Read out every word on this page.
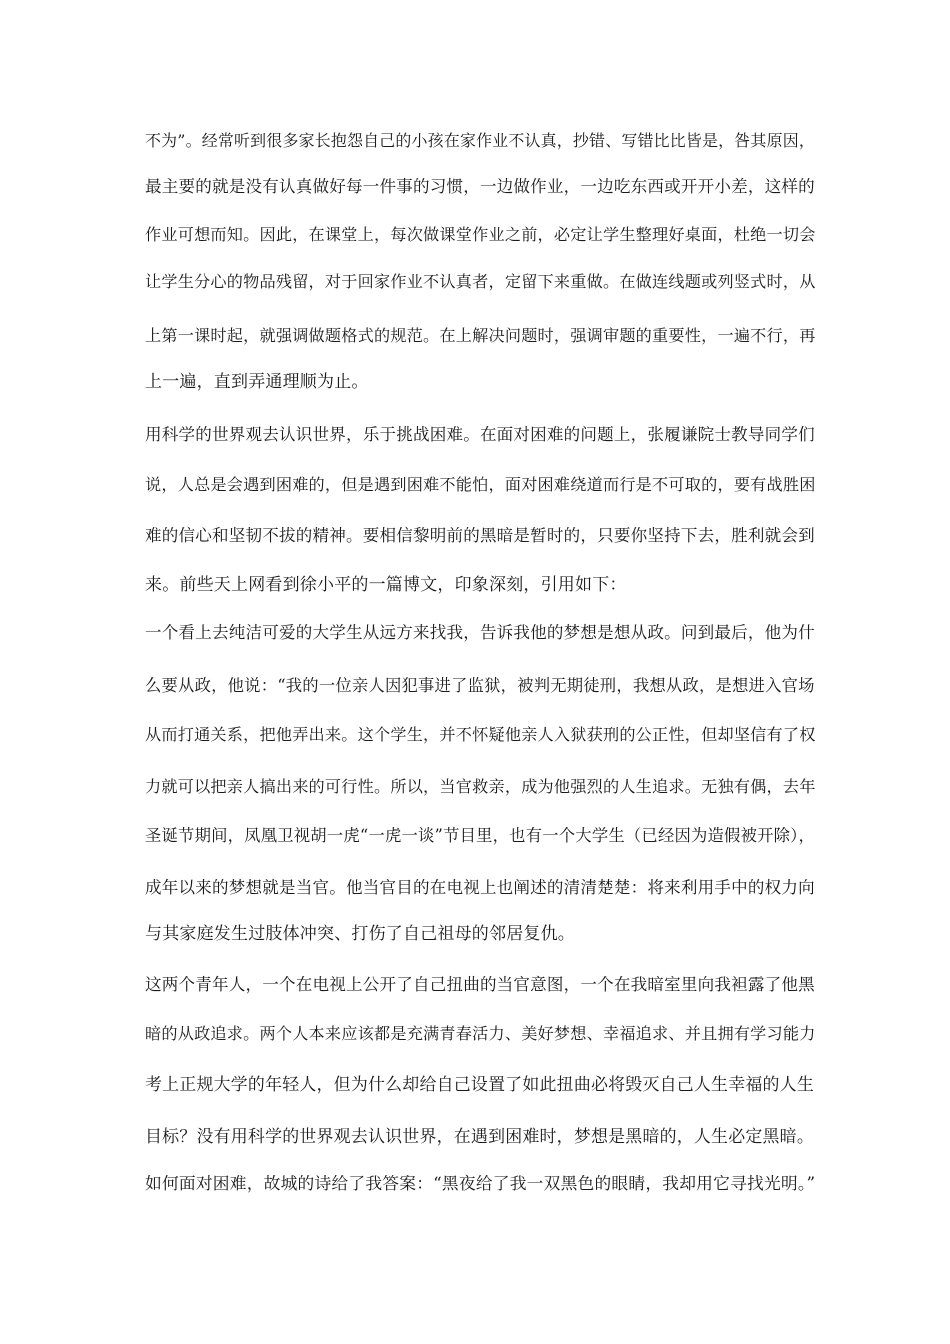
不为”。经常听到很多家长抱怨自己的小孩在家作业不认真，抄错、写错比比皆是，咎其原因，

最主要的就是没有认真做好每一件事的习惯，一边做作业，一边吃东西或开开小差，这样的

作业可想而知。因此，在课堂上，每次做课堂作业之前，必定让学生整理好桌面，杜绝一切会

让学生分心的物品残留，对于回家作业不认真者，定留下来重做。在做连线题或列竖式时，从

上第一课时起，就强调做题格式的规范。在上解决问题时，强调审题的重要性，一遍不行，再

上一遍，直到弄通理顺为止。

用科学的世界观去认识世界，乐于挑战困难。在面对困难的问题上，张履谦院士教导同学们

说，人总是会遇到困难的，但是遇到困难不能怕，面对困难绕道而行是不可取的，要有战胜困

难的信心和坚韧不拔的精神。要相信黎明前的黑暗是暂时的，只要你坚持下去，胜利就会到

来。前些天上网看到徐小平的一篇博文，印象深刻，引用如下：

一个看上去纯洁可爱的大学生从远方来找我，告诉我他的梦想是想从政。问到最后，他为什

么要从政，他说：“我的一位亲人因犯事进了监狱，被判无期徒刑，我想从政，是想进入官场

从而打通关系，把他弄出来。这个学生，并不怀疑他亲人入狱获刑的公正性，但却坚信有了权

力就可以把亲人搞出来的可行性。所以，当官救亲，成为他强烈的人生追求。无独有偶，去年

圣诞节期间，凤凰卫视胡一虎“一虎一谈”节目里，也有一个大学生（已经因为造假被开除），

成年以来的梦想就是当官。他当官目的在电视上也阐述的清清楚楚：将来利用手中的权力向

与其家庭发生过肢体冲突、打伤了自己祖母的邻居复仇。

这两个青年人，一个在电视上公开了自己扭曲的当官意图，一个在我暗室里向我袒露了他黑

暗的从政追求。两个人本来应该都是充满青春活力、美好梦想、幸福追求、并且拥有学习能力

考上正规大学的年轻人，但为什么却给自己设置了如此扭曲必将毁灭自己人生幸福的人生

目标？没有用科学的世界观去认识世界，在遇到困难时，梦想是黑暗的，人生必定黑暗。

如何面对困难，故城的诗给了我答案：“黑夜给了我一双黑色的眼睛，我却用它寻找光明。”
